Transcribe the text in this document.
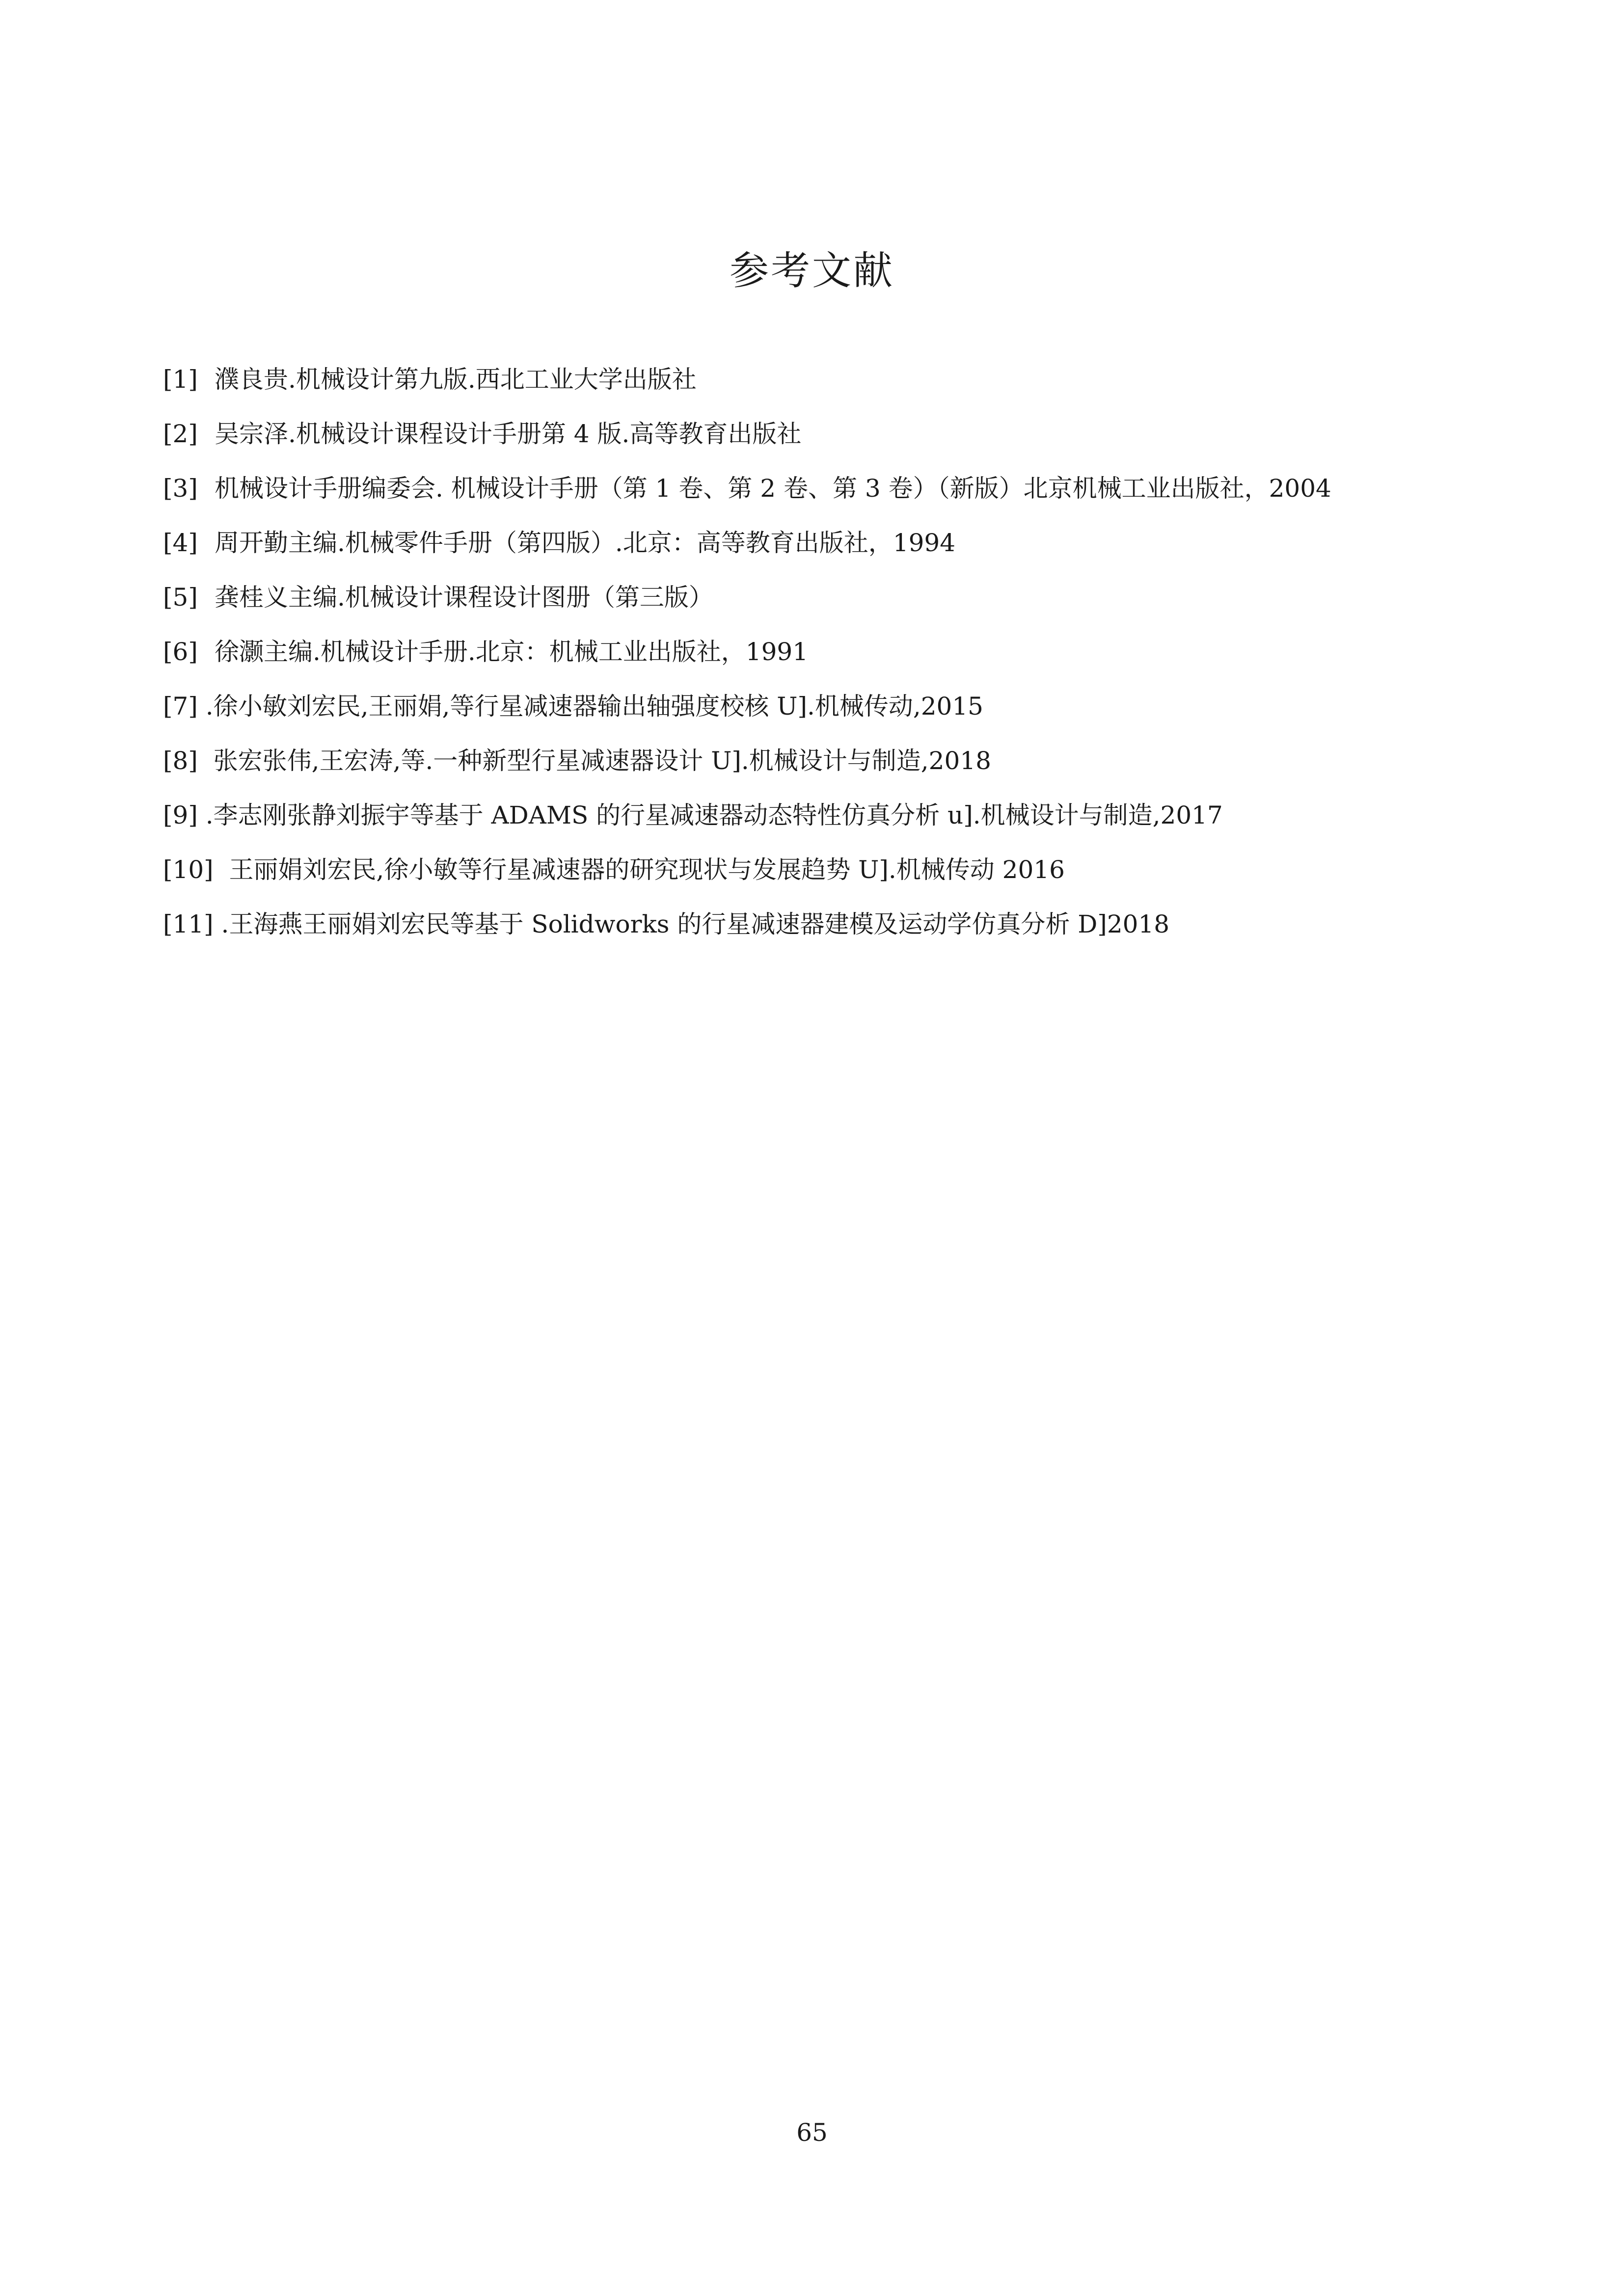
参考文献
[1] 濮良贵.机械设计第九版.西北工业大学出版社
[2] 吴宗泽.机械设计课程设计手册第 4 版.高等教育出版社
[3] 机械设计手册编委会. 机械设计手册（第 1 卷、第 2 卷、第 3 卷）（新版）北京机械工业出版社，2004
[4] 周开勤主编.机械零件手册（第四版）.北京：高等教育出版社，1994
[5] 龚桂义主编.机械设计课程设计图册（第三版）
[6] 徐灏主编.机械设计手册.北京：机械工业出版社，1991
[7] .徐小敏刘宏民,王丽娟,等行星减速器输出轴强度校核 U].机械传动,2015
[8] 张宏张伟,王宏涛,等.一种新型行星减速器设计 U].机械设计与制造,2018
[9] .李志刚张静刘振宇等基于 ADAMS 的行星减速器动态特性仿真分析 u].机械设计与制造,2017
[10] 王丽娟刘宏民,徐小敏等行星减速器的研究现状与发展趋势 U].机械传动 2016
[11] .王海燕王丽娟刘宏民等基于 Solidworks 的行星减速器建模及运动学仿真分析 D]2018
65
